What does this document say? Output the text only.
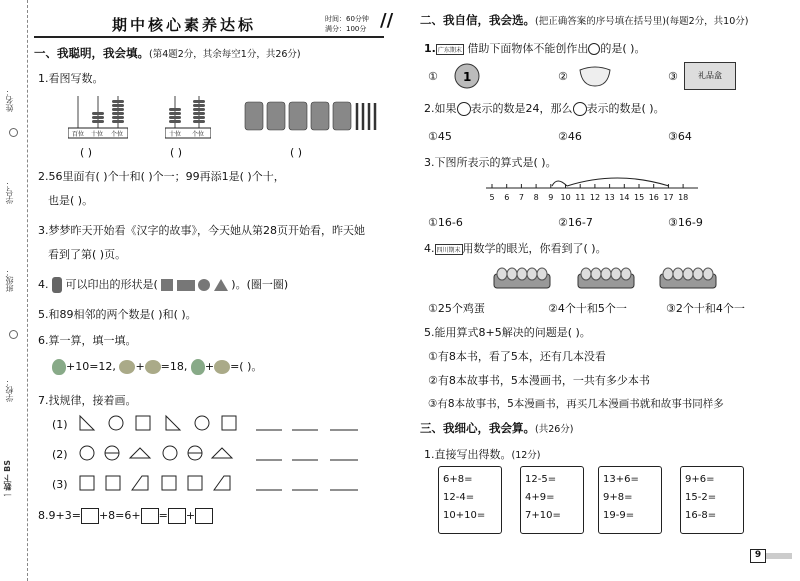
姓名：
学号：
班级：
学校：
一数下 BS
期中核心素养达标	时间：60分钟
满分：100分 //
一、我聪明，我会填。(第4题2分，其余每空1分，共26分)
1.看图写数。
百位 十位 个位	十位 个位
( )	( )	( )
2.56里面有( )个十和( )个一；99再添1是( )个十，
也是( )。
3.梦梦昨天开始看《汉字的故事》，今天她从第28页开始看，昨天她
看到了第( )页。
4. 可以印出的形状是(	)。(圈一圈)
5.和89相邻的两个数是( )和( )。
6.算一算，填一填。
+10=12, + =18, + =( )。
7.找规律，接着画。
(1)
(2)
(3)
8.9+3= +8=6+ = +
二、我自信，我会选。(把正确答案的序号填在括号里)(每题2分，共10分)
1. 广东期末 借助下面物体不能创作出 的是( )。
① 1	②	③	礼品盒
2.如果 表示的数是24，那么 表示的数是( )。
①45	②46	③64
3.下图所表示的算式是( )。
5 6 7 8 9 10 11 12 13 14 15 16 17 18
①16-6	②16-7	③16-9
4. 四川期末 用数学的眼光，你看到了( )。
①25个鸡蛋	②4个十和5个一	③2个十和4个一
5.能用算式8+5解决的问题是( )。
①有8本书，看了5本，还有几本没看
②有8本故事书，5本漫画书，一共有多少本书
③有8本故事书，5本漫画书，再买几本漫画书就和故事书同样多
三、我细心，我会算。(共26分)
1.直接写出得数。(12分)
6+8=
12-4=
10+10=
12-5=
4+9=
7+10=
13+6=
9+8=
19-9=
9+6=
15-2=
16-8=
9
